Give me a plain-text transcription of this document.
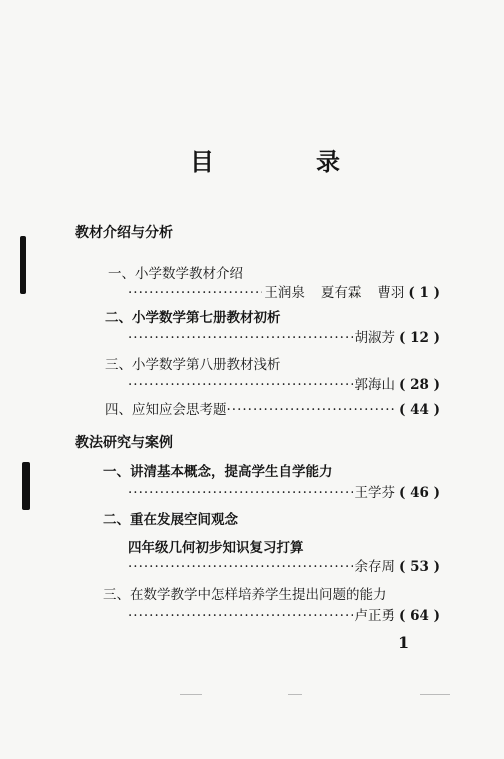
目	录
教材介绍与分析
一、小学数学教材介绍
·····
王润泉 夏有霖 曹羽 ( 1 )
二、小学数学第七册教材初析
·····
胡淑芳 ( 12 )
三、小学数学第八册教材浅析
·····
郭海山 ( 28 )
四、应知应会思考题
·····	( 44 )
教法研究与案例
一、讲清基本概念，提高学生自学能力
·····
王学芬 ( 46 )
二、重在发展空间观念
四年级几何初步知识复习打算
·····
余存周 ( 53 )
三、在数学教学中怎样培养学生提出问题的能力
·····
卢正勇 ( 64 )
1
